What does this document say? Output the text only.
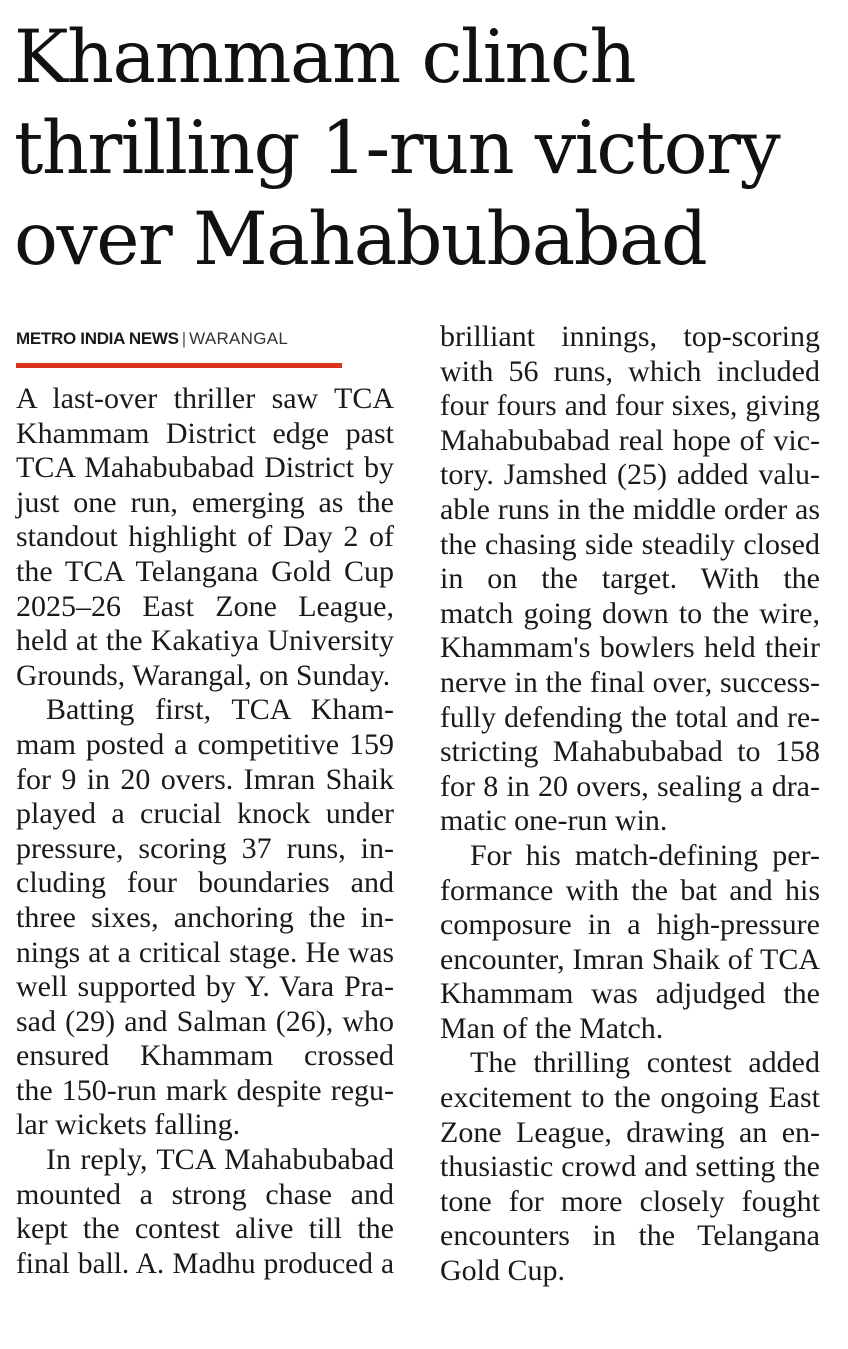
Khammam clinch
thrilling 1-run victory
over Mahabubabad
METRO INDIA NEWS | WARANGAL

A last-over thriller saw TCA
Khammam District edge past
TCA Mahabubabad District by
just one run, emerging as the
standout highlight of Day 2 of
the TCA Telangana Gold Cup
2025–26 East Zone League,
held at the Kakatiya University
Grounds, Warangal, on Sunday.

Batting first, TCA Kham-
mam posted a competitive 159
for 9 in 20 overs. Imran Shaik
played a crucial knock under
pressure, scoring 37 runs, in-
cluding four boundaries and
three sixes, anchoring the in-
nings at a critical stage. He was
well supported by Y. Vara Pra-
sad (29) and Salman (26), who
ensured Khammam crossed
the 150-run mark despite regu-
lar wickets falling.

In reply, TCA Mahabubabad
mounted a strong chase and
kept the contest alive till the
final ball. A. Madhu produced a

brilliant innings, top-scoring
with 56 runs, which included
four fours and four sixes, giving
Mahabubabad real hope of vic-
tory. Jamshed (25) added valu-
able runs in the middle order as
the chasing side steadily closed
in on the target. With the
match going down to the wire,
Khammam's bowlers held their
nerve in the final over, success-
fully defending the total and re-
stricting Mahabubabad to 158
for 8 in 20 overs, sealing a dra-
matic one-run win.

For his match-defining per-
formance with the bat and his
composure in a high-pressure
encounter, Imran Shaik of TCA
Khammam was adjudged the
Man of the Match.

The thrilling contest added
excitement to the ongoing East
Zone League, drawing an en-
thusiastic crowd and setting the
tone for more closely fought
encounters in the Telangana
Gold Cup.
